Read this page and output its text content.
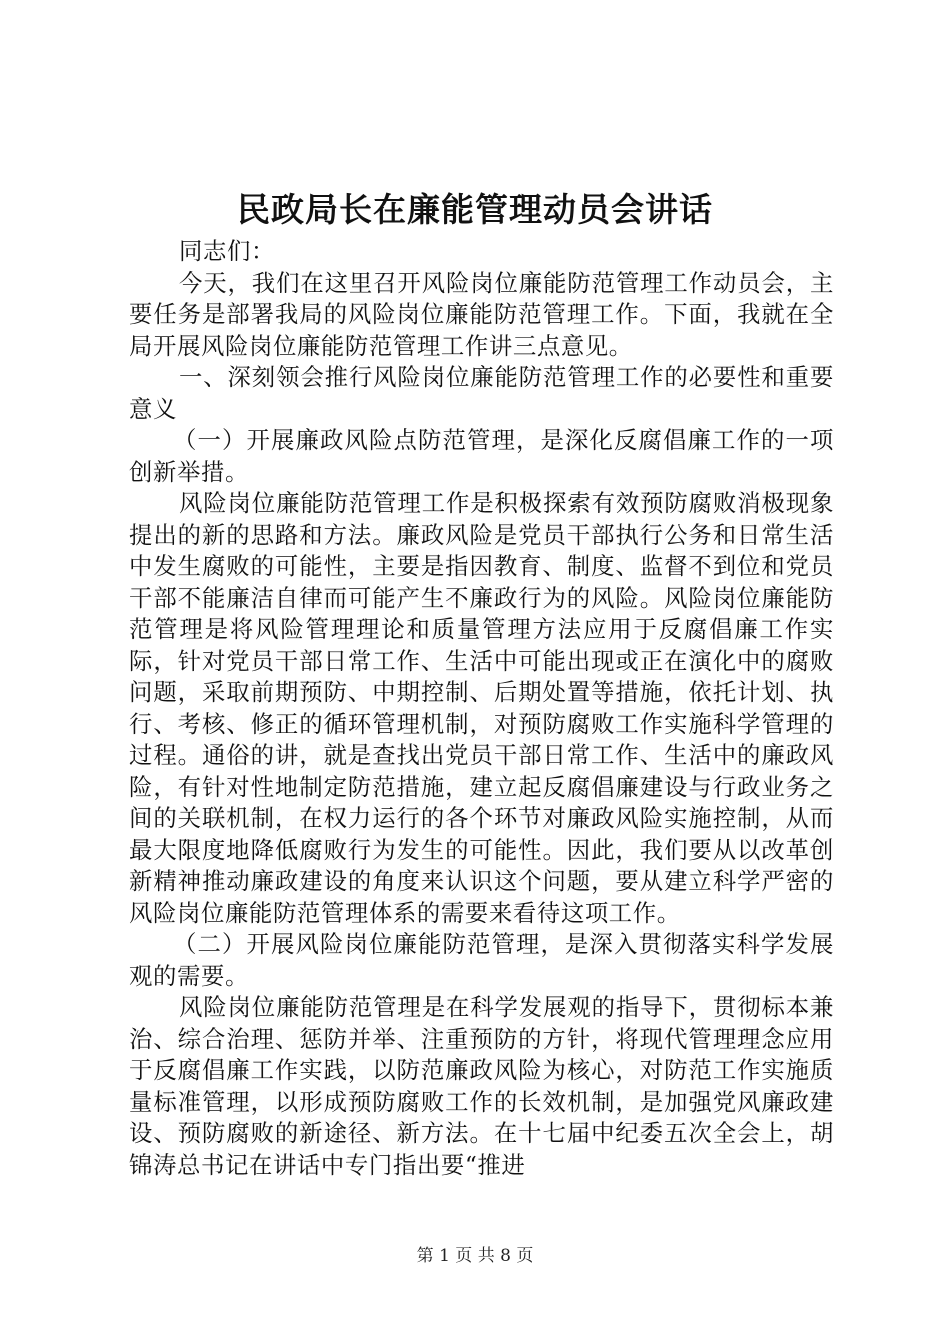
民政局长在廉能管理动员会讲话

同志们：

今天，我们在这里召开风险岗位廉能防范管理工作动员会，主要任务是部署我局的风险岗位廉能防范管理工作。下面，我就在全局开展风险岗位廉能防范管理工作讲三点意见。

一、深刻领会推行风险岗位廉能防范管理工作的必要性和重要意义

（一）开展廉政风险点防范管理，是深化反腐倡廉工作的一项创新举措。

风险岗位廉能防范管理工作是积极探索有效预防腐败消极现象提出的新的思路和方法。廉政风险是党员干部执行公务和日常生活中发生腐败的可能性，主要是指因教育、制度、监督不到位和党员干部不能廉洁自律而可能产生不廉政行为的风险。风险岗位廉能防范管理是将风险管理理论和质量管理方法应用于反腐倡廉工作实际，针对党员干部日常工作、生活中可能出现或正在演化中的腐败问题，采取前期预防、中期控制、后期处置等措施，依托计划、执行、考核、修正的循环管理机制，对预防腐败工作实施科学管理的过程。通俗的讲，就是查找出党员干部日常工作、生活中的廉政风险，有针对性地制定防范措施，建立起反腐倡廉建设与行政业务之间的关联机制，在权力运行的各个环节对廉政风险实施控制，从而最大限度地降低腐败行为发生的可能性。因此，我们要从以改革创新精神推动廉政建设的角度来认识这个问题，要从建立科学严密的风险岗位廉能防范管理体系的需要来看待这项工作。

（二）开展风险岗位廉能防范管理，是深入贯彻落实科学发展观的需要。

风险岗位廉能防范管理是在科学发展观的指导下，贯彻标本兼治、综合治理、惩防并举、注重预防的方针，将现代管理理念应用于反腐倡廉工作实践，以防范廉政风险为核心，对防范工作实施质量标准管理，以形成预防腐败工作的长效机制，是加强党风廉政建设、预防腐败的新途径、新方法。在十七届中纪委五次全会上，胡锦涛总书记在讲话中专门指出要“推进

第 1 页 共 8 页
